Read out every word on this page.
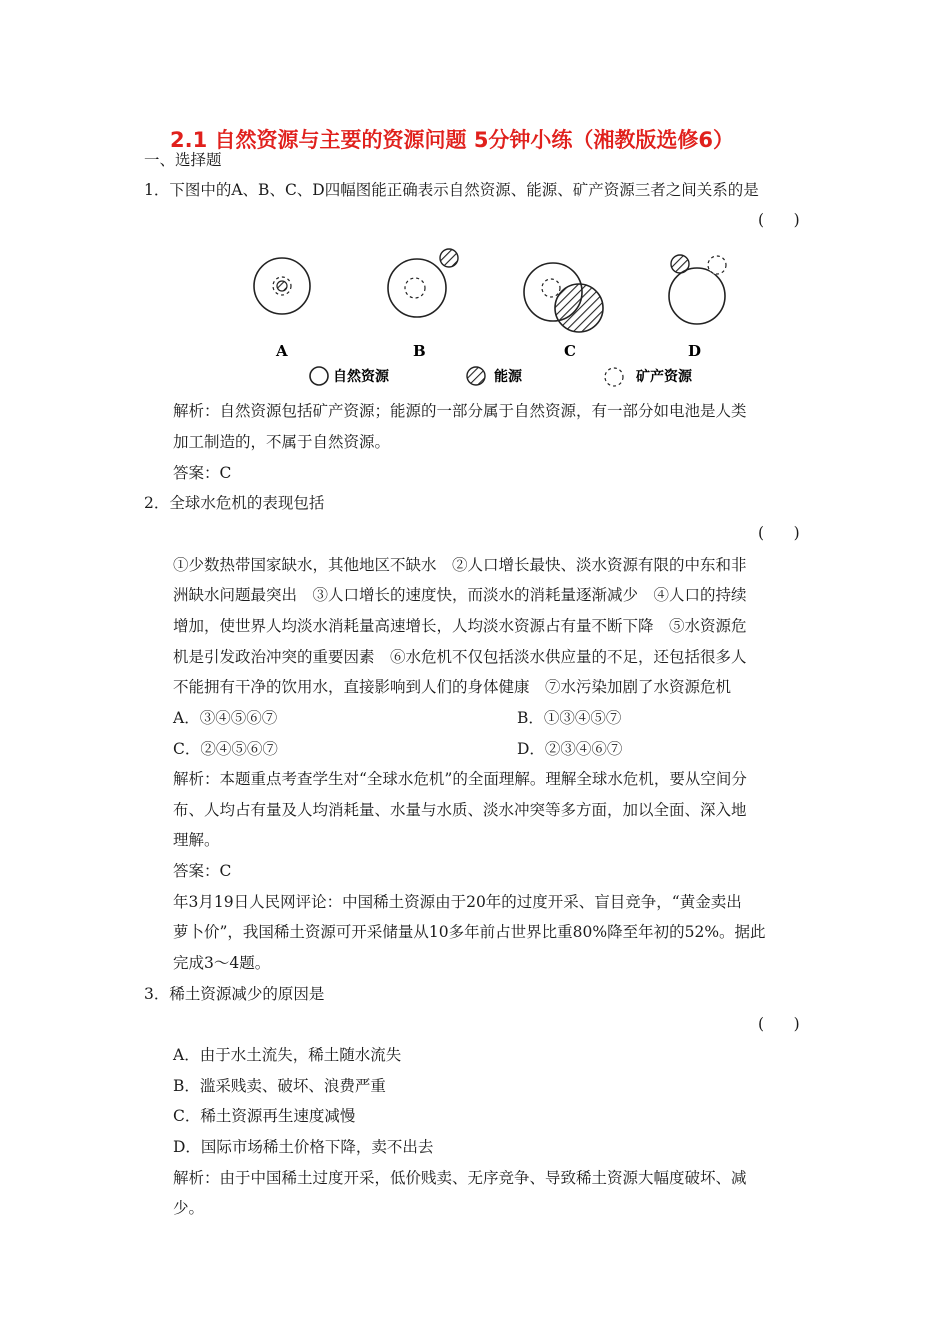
2.1 自然资源与主要的资源问题 5分钟小练（湘教版选修6）
一、选择题
1．下图中的A、B、C、D四幅图能正确表示自然资源、能源、矿产资源三者之间关系的是
(      )
A	B	C	D
自然资源	能源	矿产资源
解析：自然资源包括矿产资源；能源的一部分属于自然资源，有一部分如电池是人类
加工制造的，不属于自然资源。
答案：C
2．全球水危机的表现包括
(      )
①少数热带国家缺水，其他地区不缺水　②人口增长最快、淡水资源有限的中东和非
洲缺水问题最突出　③人口增长的速度快，而淡水的消耗量逐渐减少　④人口的持续
增加，使世界人均淡水消耗量高速增长，人均淡水资源占有量不断下降　⑤水资源危
机是引发政治冲突的重要因素　⑥水危机不仅包括淡水供应量的不足，还包括很多人
不能拥有干净的饮用水，直接影响到人们的身体健康　⑦水污染加剧了水资源危机
A．③④⑤⑥⑦	B．①③④⑤⑦
C．②④⑤⑥⑦	D．②③④⑥⑦
解析：本题重点考查学生对“全球水危机”的全面理解。理解全球水危机，要从空间分
布、人均占有量及人均消耗量、水量与水质、淡水冲突等多方面，加以全面、深入地
理解。
答案：C
年3月19日人民网评论：中国稀土资源由于20年的过度开采、盲目竞争，“黄金卖出
萝卜价”，我国稀土资源可开采储量从10多年前占世界比重80%降至年初的52%。据此
完成3～4题。
3．稀土资源减少的原因是
(      )
A．由于水土流失，稀土随水流失
B．滥采贱卖、破坏、浪费严重
C．稀土资源再生速度减慢
D．国际市场稀土价格下降，卖不出去
解析：由于中国稀土过度开采，低价贱卖、无序竞争、导致稀土资源大幅度破坏、减
少。
